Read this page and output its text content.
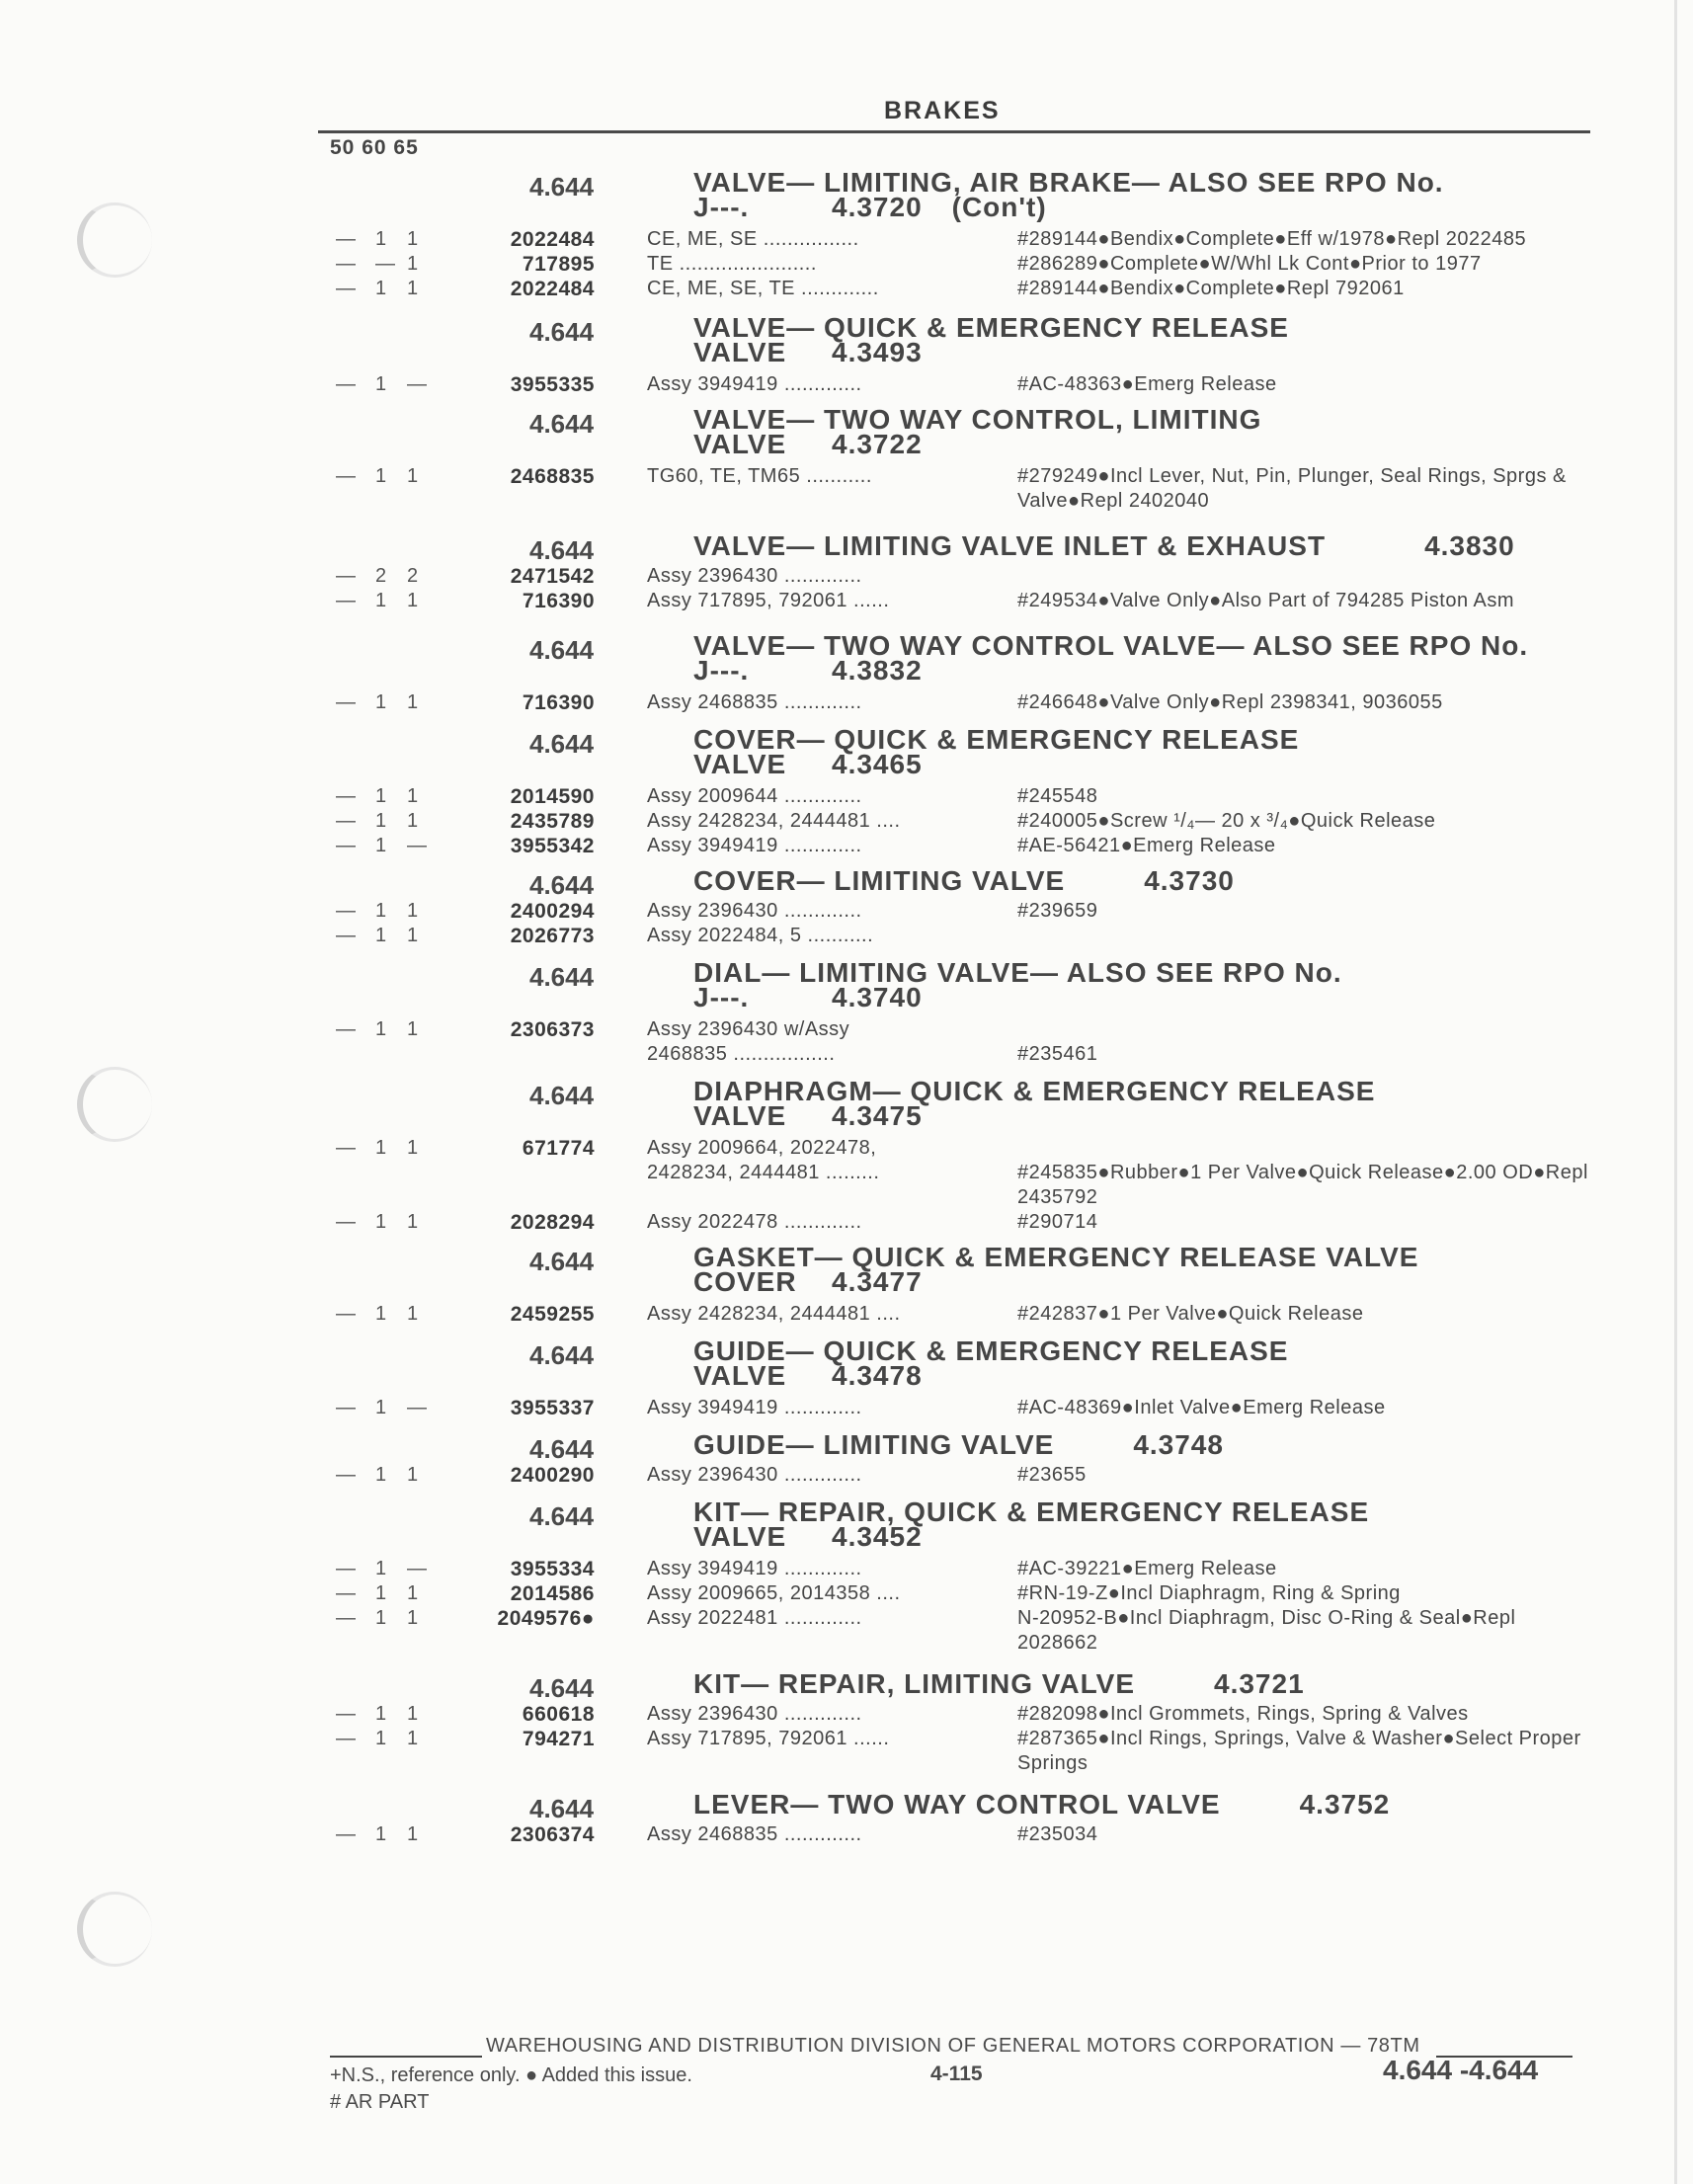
BRAKES
50 60 65
4.644	VALVE— LIMITING, AIR BRAKE— ALSO SEE RPO No.
J---.	4.3720 (Con't)
— 1 1	2022484	CE, ME, SE ................	#289144●Bendix●Complete●Eff w/1978●Repl 2022485
— — 1	717895	TE .......................	#286289●Complete●W/Whl Lk Cont●Prior to 1977
— 1 1	2022484	CE, ME, SE, TE .............	#289144●Bendix●Complete●Repl 792061
4.644	VALVE— QUICK & EMERGENCY RELEASE
VALVE 4.3493
— 1 —	3955335	Assy 3949419 .............	#AC-48363●Emerg Release
4.644	VALVE— TWO WAY CONTROL, LIMITING
VALVE 4.3722
— 1 1	2468835	TG60, TE, TM65 ...........	#279249●Incl Lever, Nut, Pin, Plunger, Seal Rings, Sprgs & Valve●Repl 2402040
4.644	VALVE— LIMITING VALVE INLET & EXHAUST	4.3830
— 2 2	2471542	Assy 2396430 .............
— 1 1	716390	Assy 717895, 792061 ......	#249534●Valve Only●Also Part of 794285 Piston Asm
4.644	VALVE— TWO WAY CONTROL VALVE— ALSO SEE RPO No.
J---.	4.3832
— 1 1	716390	Assy 2468835 .............	#246648●Valve Only●Repl 2398341, 9036055
4.644	COVER— QUICK & EMERGENCY RELEASE
VALVE 4.3465
— 1 1	2014590	Assy 2009644 .............	#245548
— 1 1	2435789	Assy 2428234, 2444481 ....	#240005●Screw ¹/₄— 20 x ³/₄●Quick Release
— 1 —	3955342	Assy 3949419 .............	#AE-56421●Emerg Release
4.644	COVER— LIMITING VALVE	4.3730
— 1 1	2400294	Assy 2396430 .............	#239659
— 1 1	2026773	Assy 2022484, 5 ...........
4.644	DIAL— LIMITING VALVE— ALSO SEE RPO No.
J---.	4.3740
— 1 1	2306373	Assy 2396430 w/Assy
2468835 .................	#235461
4.644	DIAPHRAGM— QUICK & EMERGENCY RELEASE
VALVE 4.3475
— 1 1	671774	Assy 2009664, 2022478,
2428234, 2444481 .........	#245835●Rubber●1 Per Valve●Quick Release●2.00 OD●Repl 2435792
— 1 1	2028294	Assy 2022478 .............	#290714
4.644	GASKET— QUICK & EMERGENCY RELEASE VALVE
COVER 4.3477
— 1 1	2459255	Assy 2428234, 2444481 ....	#242837●1 Per Valve●Quick Release
4.644	GUIDE— QUICK & EMERGENCY RELEASE
VALVE 4.3478
— 1 —	3955337	Assy 3949419 .............	#AC-48369●Inlet Valve●Emerg Release
4.644	GUIDE— LIMITING VALVE	4.3748
— 1 1	2400290	Assy 2396430 .............	#23655
4.644	KIT— REPAIR, QUICK & EMERGENCY RELEASE
VALVE 4.3452
— 1 —	3955334	Assy 3949419 .............	#AC-39221●Emerg Release
— 1 1	2014586	Assy 2009665, 2014358 ....	#RN-19-Z●Incl Diaphragm, Ring & Spring
— 1 1	2049576●	Assy 2022481 .............	N-20952-B●Incl Diaphragm, Disc O-Ring & Seal●Repl 2028662
4.644	KIT— REPAIR, LIMITING VALVE	4.3721
— 1 1	660618	Assy 2396430 .............	#282098●Incl Grommets, Rings, Spring & Valves
— 1 1	794271	Assy 717895, 792061 ......	#287365●Incl Rings, Springs, Valve & Washer●Select Proper Springs
4.644	LEVER— TWO WAY CONTROL VALVE	4.3752
— 1 1	2306374	Assy 2468835 .............	#235034
WAREHOUSING AND DISTRIBUTION DIVISION OF GENERAL MOTORS CORPORATION — 78TM
+N.S., reference only. ● Added this issue.
# AR PART
4-115	4.644 -4.644
